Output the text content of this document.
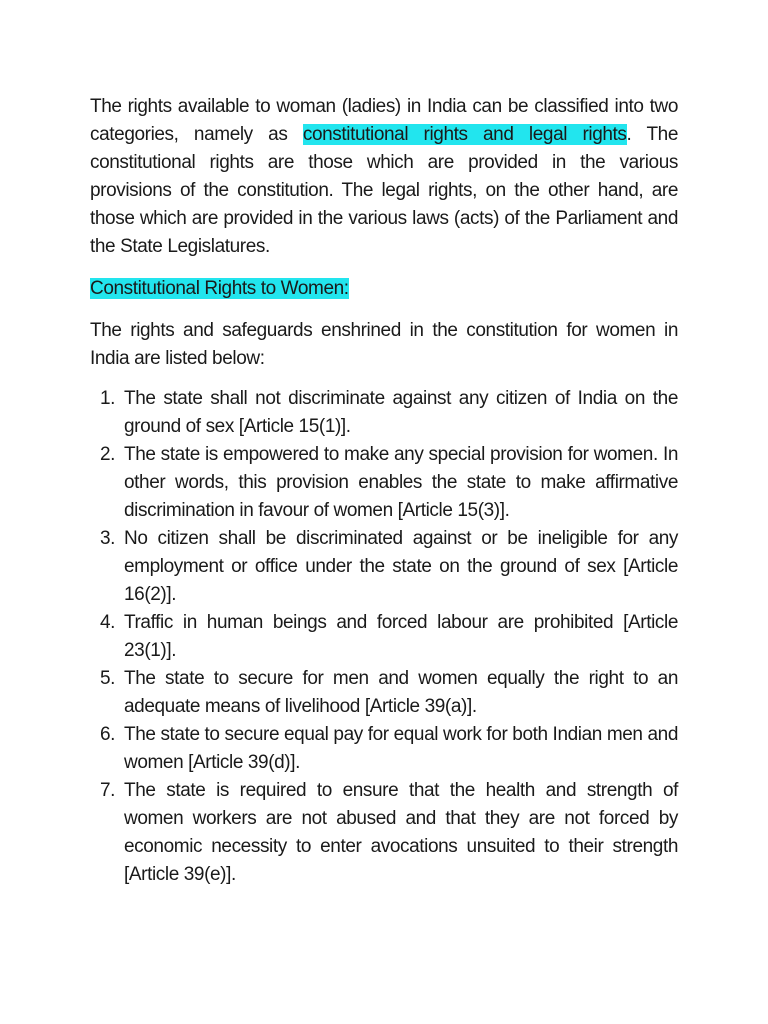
The rights available to woman (ladies) in India can be classified into two categories, namely as constitutional rights and legal rights. The constitutional rights are those which are provided in the various provisions of the constitution. The legal rights, on the other hand, are those which are provided in the various laws (acts) of the Parliament and the State Legislatures.

Constitutional Rights to Women:

The rights and safeguards enshrined in the constitution for women in India are listed below:

1. The state shall not discriminate against any citizen of India on the ground of sex [Article 15(1)].
2. The state is empowered to make any special provision for women. In other words, this provision enables the state to make affirmative discrimination in favour of women [Article 15(3)].
3. No citizen shall be discriminated against or be ineligible for any employment or office under the state on the ground of sex [Article 16(2)].
4. Traffic in human beings and forced labour are prohibited [Article 23(1)].
5. The state to secure for men and women equally the right to an adequate means of livelihood [Article 39(a)].
6. The state to secure equal pay for equal work for both Indian men and women [Article 39(d)].
7. The state is required to ensure that the health and strength of women workers are not abused and that they are not forced by economic necessity to enter avocations unsuited to their strength [Article 39(e)].
